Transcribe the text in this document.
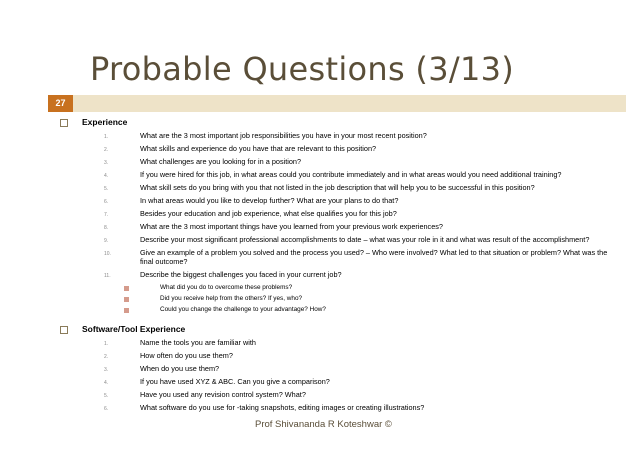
Probable Questions (3/13)
27
Experience
1.	What are the 3 most important job responsibilities you have in your most recent position?
2.	What skills and experience do you have that are relevant to this position?
3.	What challenges are you looking for in a position?
4.	If you were hired for this job, in what areas could you contribute immediately and in what areas would you need additional training?
5.	What skill sets do you bring with you that not listed in the job description that will help you to be successful in this position?
6.	In what areas would you like to develop further? What are your plans to do that?
7.	Besides your education and job experience, what else qualifies you for this job?
8.	What are the 3 most important things have you learned from your previous work experiences?
9.	Describe your most significant professional accomplishments to date – what was your role in it and what was result of the accomplishment?
10.	Give an example of a problem you solved and the process you used? – Who were involved? What led to that situation or problem? What was the final outcome?
11.	Describe the biggest challenges you faced in your current job?
What did you do to overcome these problems?
Did you receive help from the others? If yes, who?
Could you change the challenge to your advantage? How?
Software/Tool Experience
1.	Name the tools you are familiar with
2.	How often do you use them?
3.	When do you use them?
4.	If you have used XYZ & ABC. Can you give a comparison?
5.	Have you used any revision control system? What?
6.	What software do you use for -taking snapshots, editing images or creating illustrations?
Prof Shivananda R Koteshwar ©
